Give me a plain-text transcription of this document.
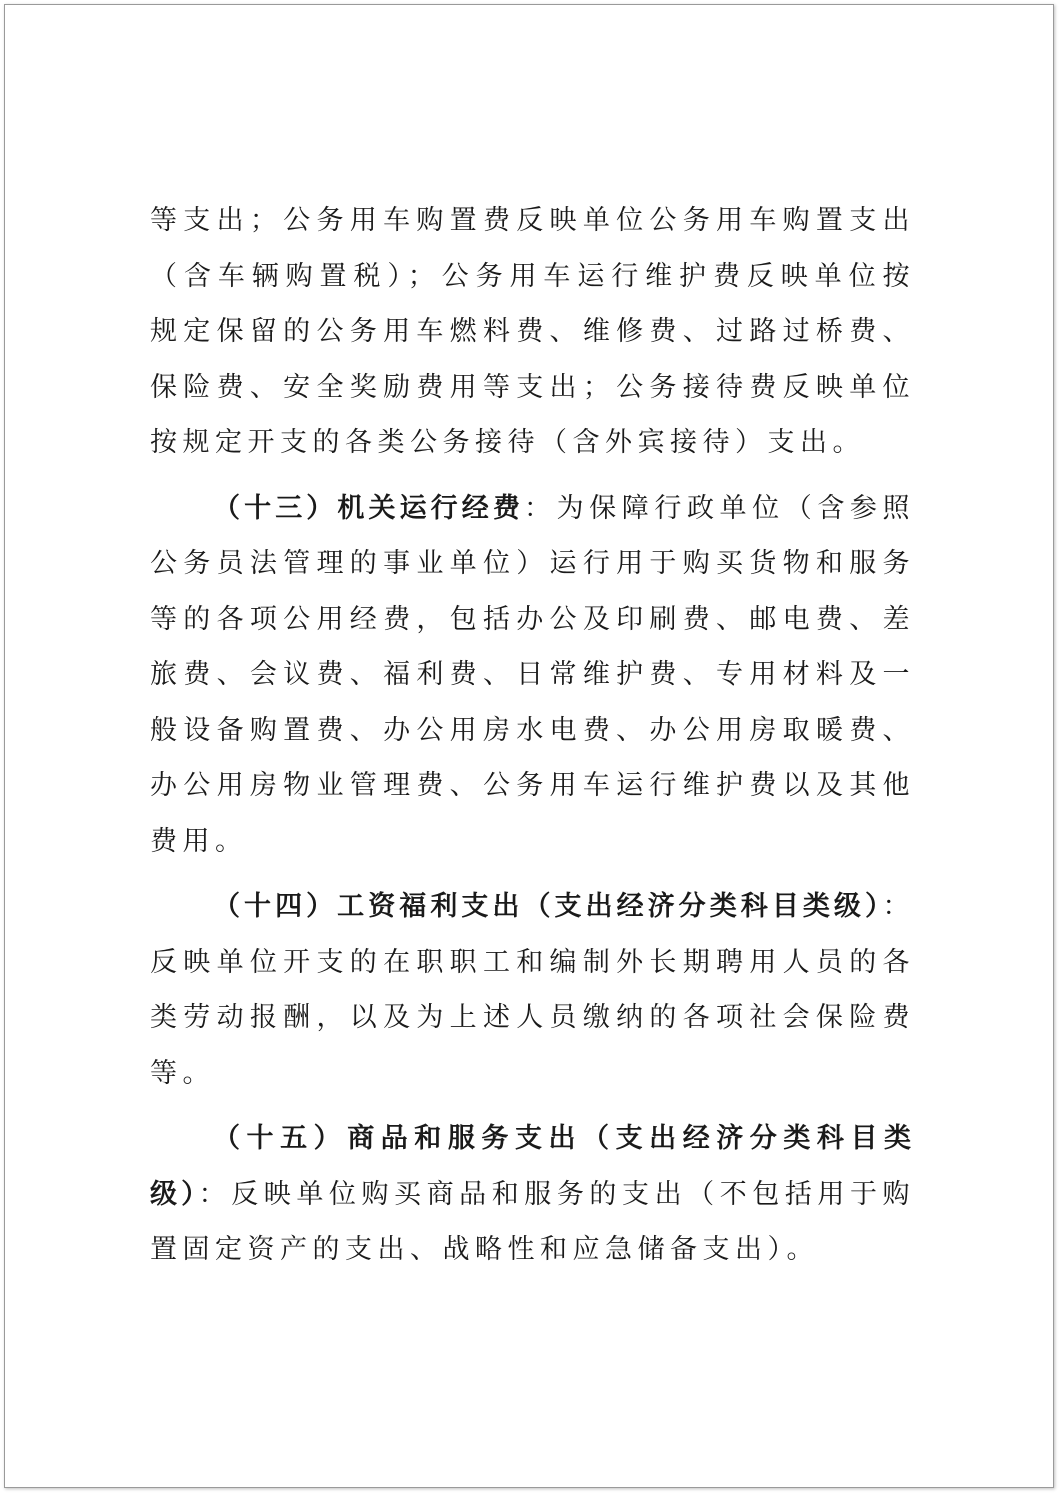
等支出；公务用车购置费反映单位公务用车购置支出（含车辆购置税）；公务用车运行维护费反映单位按规定保留的公务用车燃料费、维修费、过路过桥费、保险费、安全奖励费用等支出；公务接待费反映单位按规定开支的各类公务接待（含外宾接待）支出。

（十三）机关运行经费：为保障行政单位（含参照公务员法管理的事业单位）运行用于购买货物和服务等的各项公用经费，包括办公及印刷费、邮电费、差旅费、会议费、福利费、日常维护费、专用材料及一般设备购置费、办公用房水电费、办公用房取暖费、办公用房物业管理费、公务用车运行维护费以及其他费用。

（十四）工资福利支出（支出经济分类科目类级）：反映单位开支的在职职工和编制外长期聘用人员的各类劳动报酬，以及为上述人员缴纳的各项社会保险费等。

（十五）商品和服务支出（支出经济分类科目类级）：反映单位购买商品和服务的支出（不包括用于购置固定资产的支出、战略性和应急储备支出）。
